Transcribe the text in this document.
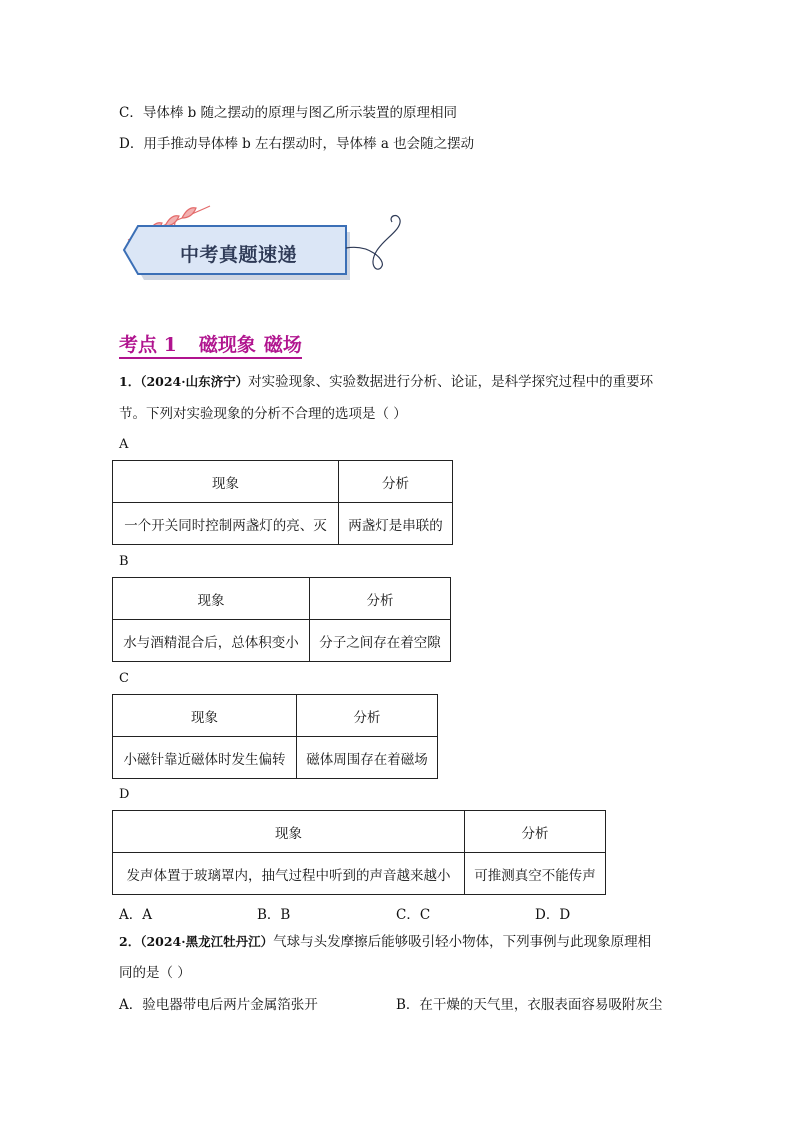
C．导体棒 b 随之摆动的原理与图乙所示装置的原理相同
D．用手推动导体棒 b 左右摆动时，导体棒 a 也会随之摆动
中考真题速递
考点 1 磁现象 磁场
1．（2024·山东济宁）对实验现象、实验数据进行分析、论证，是科学探究过程中的重要环
节。下列对实验现象的分析不合理的选项是（ ）
A
现象	分析
一个开关同时控制两盏灯的亮、灭	两盏灯是串联的
B
现象	分析
水与酒精混合后，总体积变小	分子之间存在着空隙
C
现象	分析
小磁针靠近磁体时发生偏转	磁体周围存在着磁场
D
现象	分析
发声体置于玻璃罩内，抽气过程中听到的声音越来越小	可推测真空不能传声
A．A	B．B	C．C	D．D
2．（2024·黑龙江牡丹江）气球与头发摩擦后能够吸引轻小物体，下列事例与此现象原理相
同的是（ ）
A．验电器带电后两片金属箔张开	B．在干燥的天气里，衣服表面容易吸附灰尘
